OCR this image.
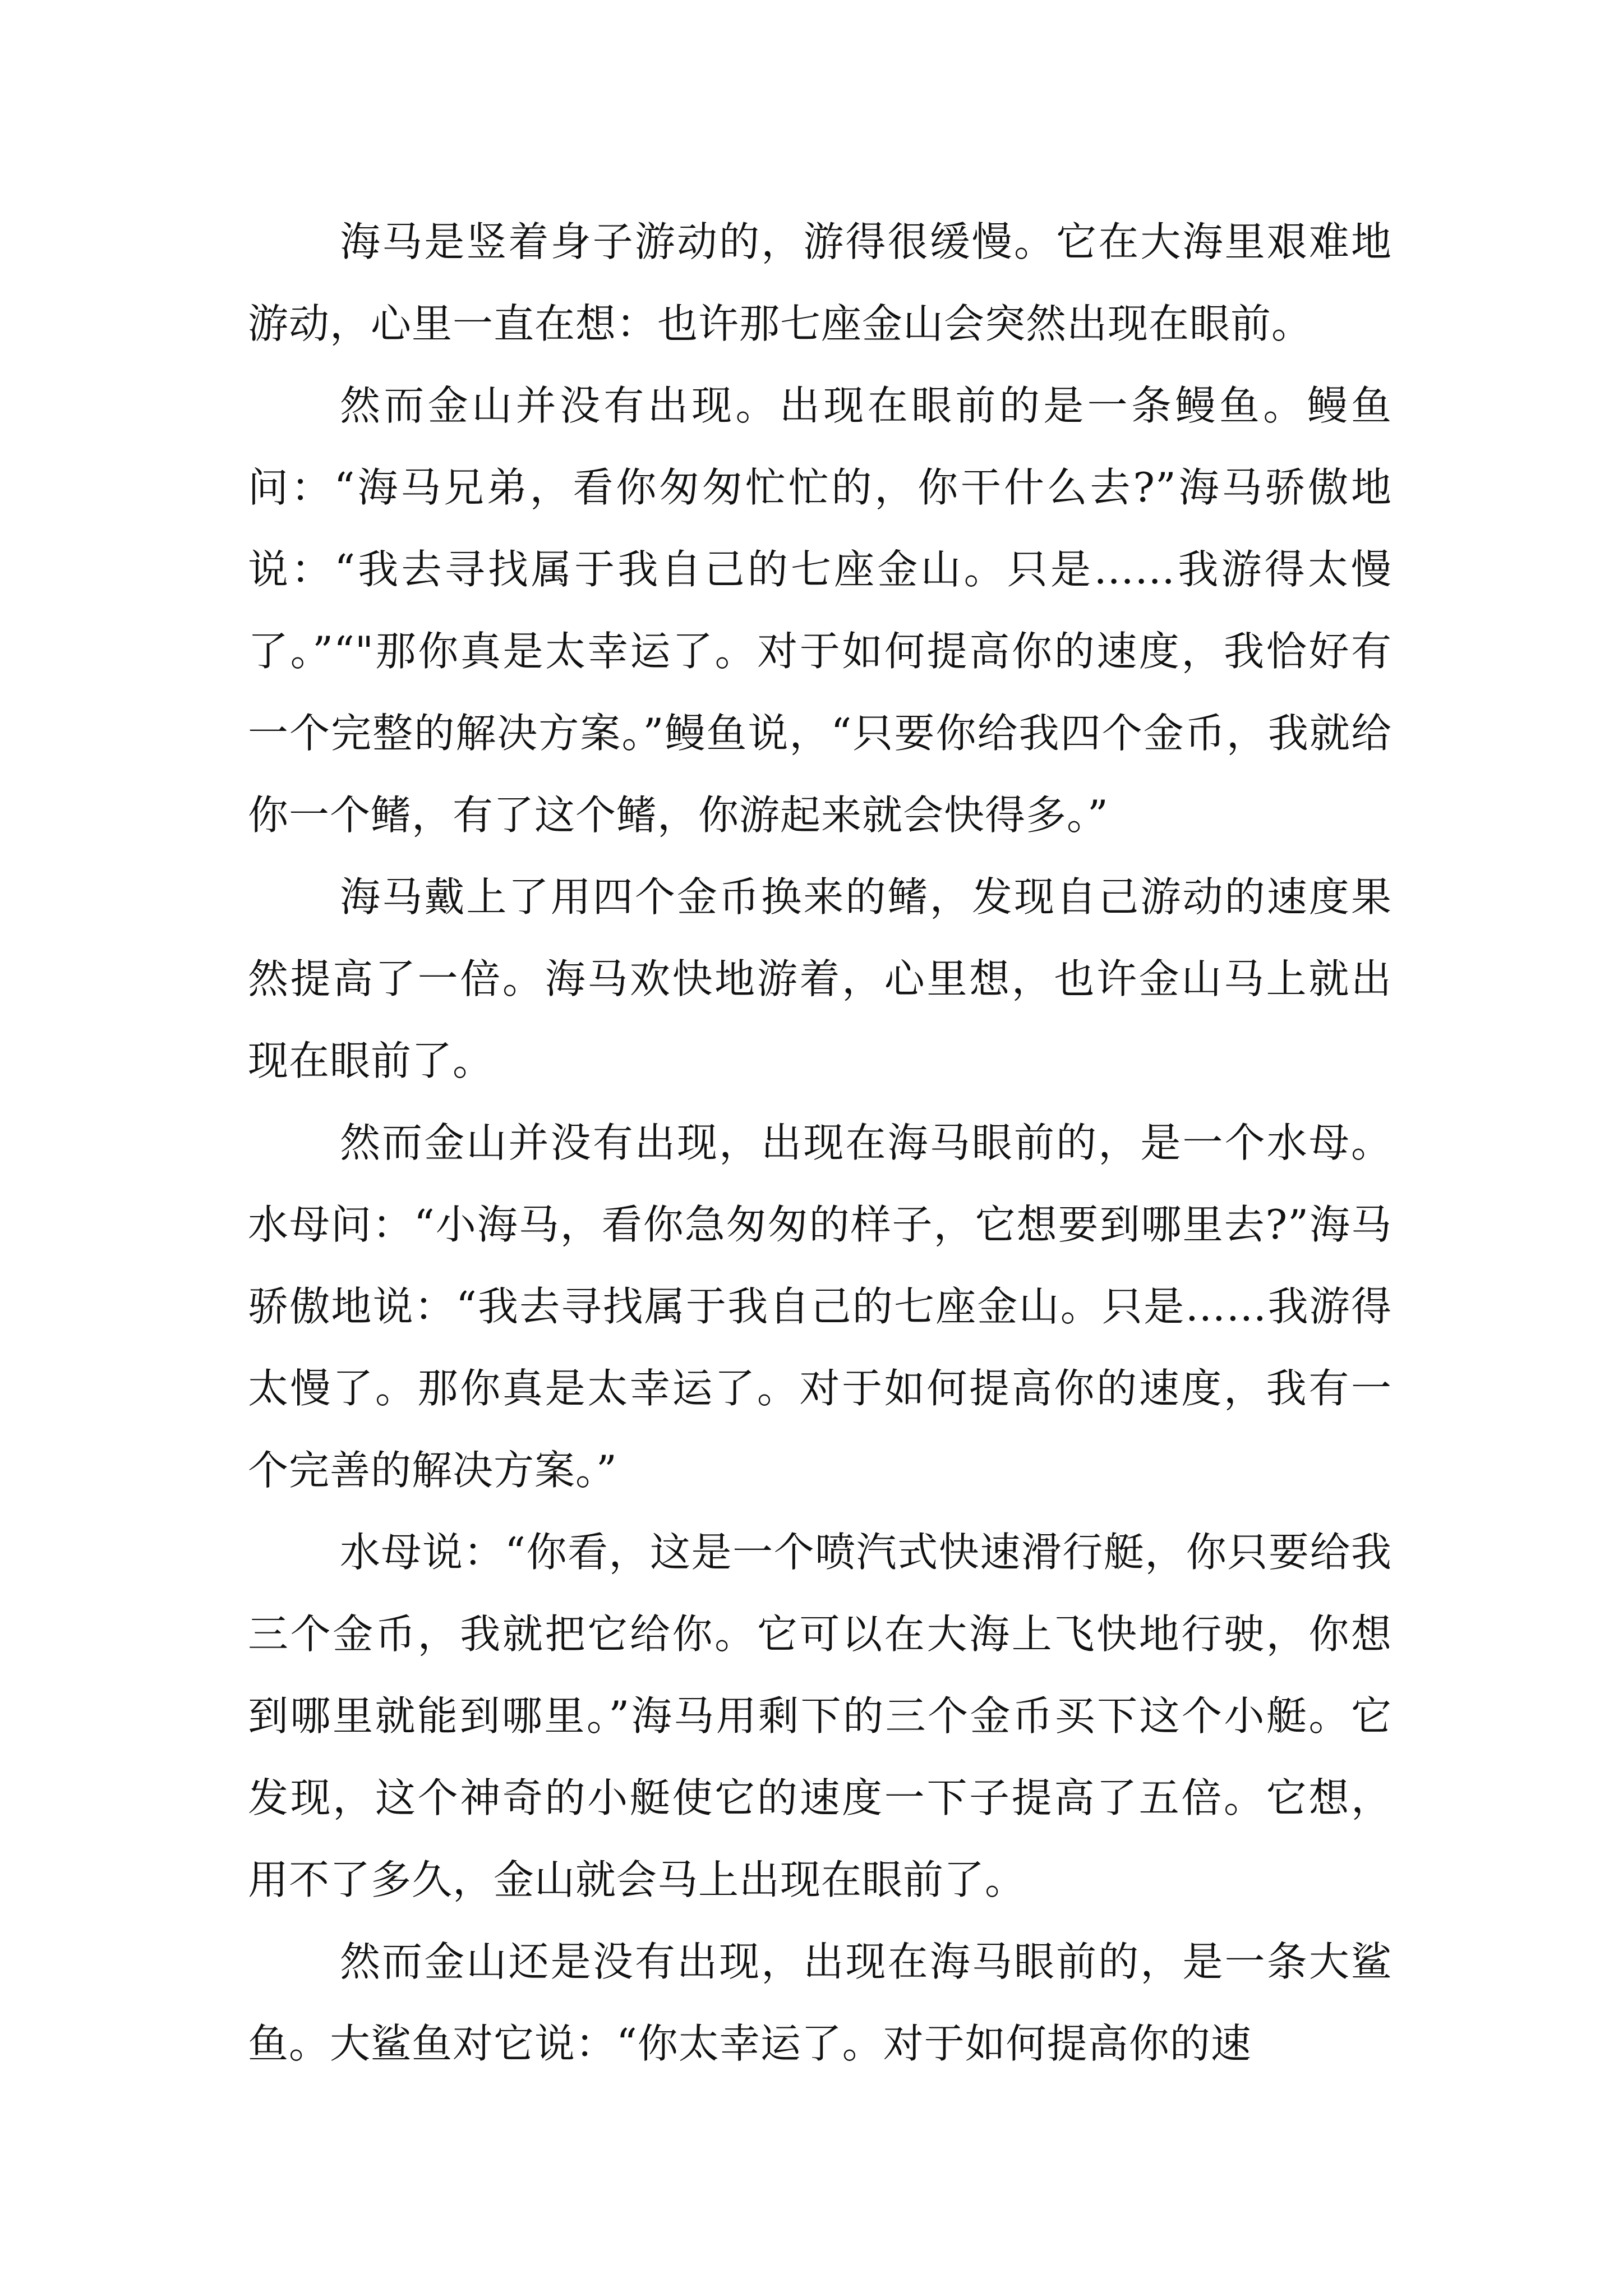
海马是竖着身子游动的，游得很缓慢。它在大海里艰难地游动，心里一直在想：也许那七座金山会突然出现在眼前。

然而金山并没有出现。出现在眼前的是一条鳗鱼。鳗鱼问：“海马兄弟，看你匆匆忙忙的，你干什么去?”海马骄傲地说：“我去寻找属于我自己的七座金山。只是……我游得太慢了。”“"那你真是太幸运了。对于如何提高你的速度，我恰好有一个完整的解决方案。”鳗鱼说，“只要你给我四个金币，我就给你一个鳍，有了这个鳍，你游起来就会快得多。”

海马戴上了用四个金币换来的鳍，发现自己游动的速度果然提高了一倍。海马欢快地游着，心里想，也许金山马上就出现在眼前了。

然而金山并没有出现，出现在海马眼前的，是一个水母。水母问：“小海马，看你急匆匆的样子，它想要到哪里去?”海马骄傲地说：“我去寻找属于我自己的七座金山。只是……我游得太慢了。那你真是太幸运了。对于如何提高你的速度，我有一个完善的解决方案。”

水母说：“你看，这是一个喷汽式快速滑行艇，你只要给我三个金币，我就把它给你。它可以在大海上飞快地行驶，你想到哪里就能到哪里。”海马用剩下的三个金币买下这个小艇。它发现，这个神奇的小艇使它的速度一下子提高了五倍。它想，用不了多久，金山就会马上出现在眼前了。

然而金山还是没有出现，出现在海马眼前的，是一条大鲨鱼。大鲨鱼对它说：“你太幸运了。对于如何提高你的速
